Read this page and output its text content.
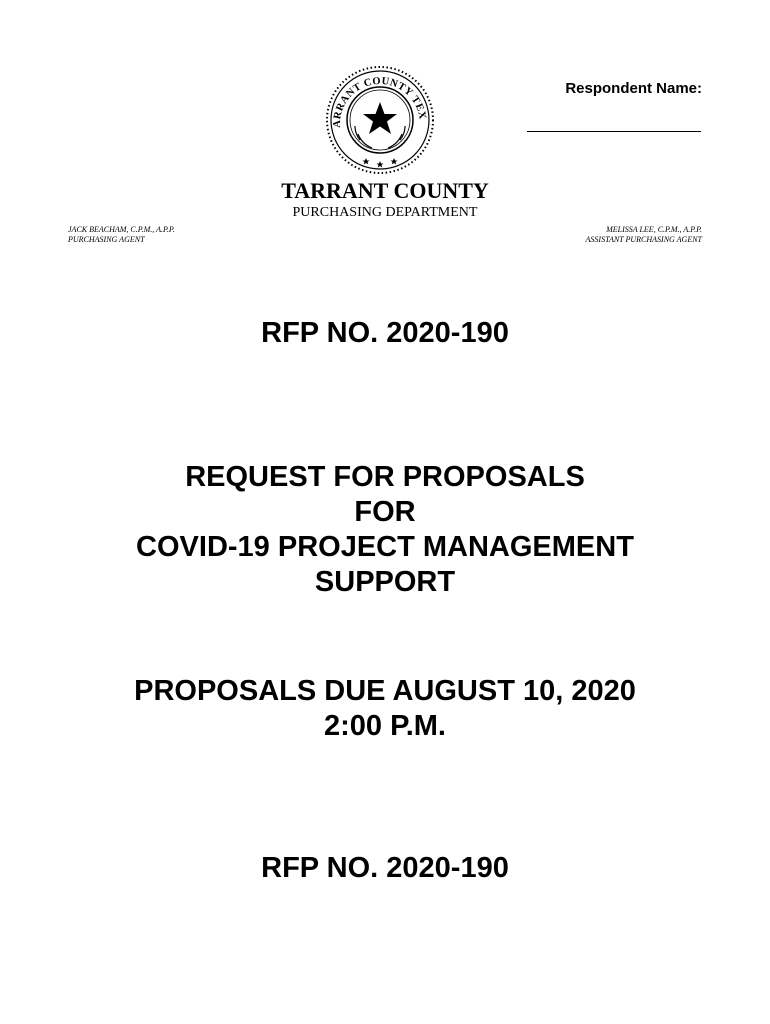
ARRANT COUNTY TEX
Respondent Name:
TARRANT COUNTY
PURCHASING DEPARTMENT
JACK BEACHAM, C.P.M., A.P.P.
PURCHASING AGENT
MELISSA LEE, C.P.M., A.P.P.
ASSISTANT PURCHASING AGENT
RFP NO. 2020-190
REQUEST FOR PROPOSALS
FOR
COVID-19 PROJECT MANAGEMENT
SUPPORT
PROPOSALS DUE AUGUST 10, 2020
2:00 P.M.
RFP NO. 2020-190
